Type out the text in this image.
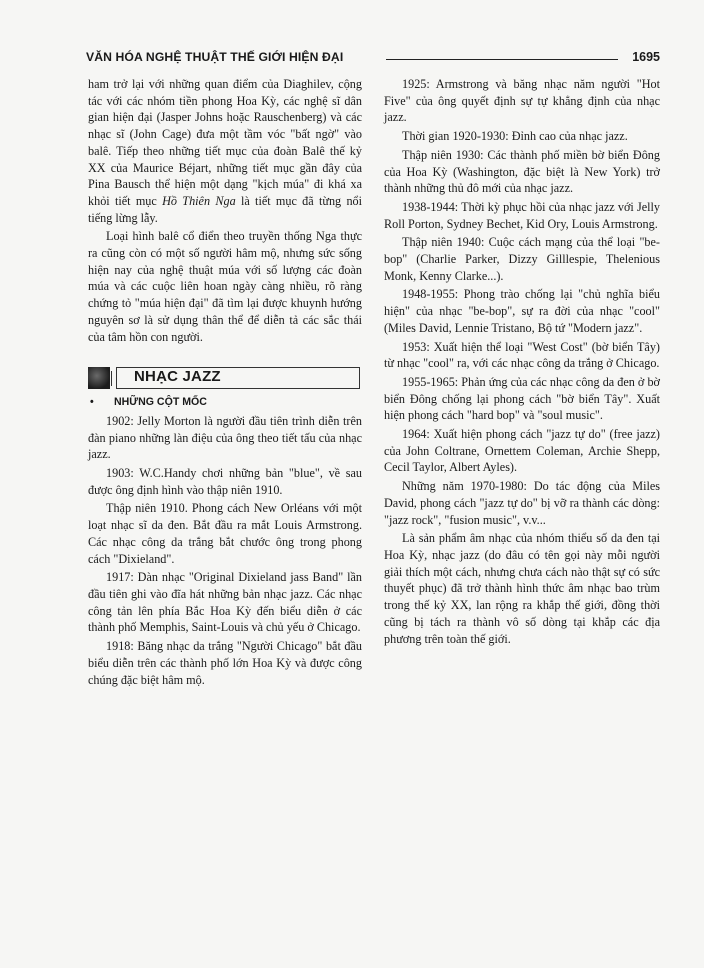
VĂN HÓA NGHỆ THUẬT THẾ GIỚI HIỆN ĐẠI	1695

ham trở lại với những quan điểm của Diaghilev, cộng tác với các nhóm tiền phong Hoa Kỳ, các nghệ sĩ dân gian hiện đại (Jasper Johns hoặc Rauschenberg) và các nhạc sĩ (John Cage) đưa một tầm vóc "bất ngờ" vào balê. Tiếp theo những tiết mục của đoàn Balê thế kỷ XX của Maurice Béjart, những tiết mục gần đây của Pina Bausch thể hiện một dạng "kịch múa" đi khá xa khỏi tiết mục Hồ Thiên Nga là tiết mục đã từng nổi tiếng lừng lẫy.

Loại hình balê cổ điển theo truyền thống Nga thực ra cũng còn có một số người hâm mộ, nhưng sức sống hiện nay của nghệ thuật múa với số lượng các đoàn múa và các cuộc liên hoan ngày càng nhiều, rõ ràng chứng tỏ "múa hiện đại" đã tìm lại được khuynh hướng nguyên sơ là sử dụng thân thể để diễn tả các sắc thái của tâm hồn con người.

NHẠC JAZZ
• NHỮNG CỘT MỐC

1902: Jelly Morton là người đầu tiên trình diễn trên đàn piano những làn điệu của ông theo tiết tấu của nhạc jazz.

1903: W.C.Handy chơi những bản "blue", về sau được ông định hình vào thập niên 1910.

Thập niên 1910. Phong cách New Orléans với một loạt nhạc sĩ da đen. Bắt đầu ra mắt Louis Armstrong. Các nhạc công da trắng bắt chước ông trong phong cách "Dixieland".

1917: Dàn nhạc "Original Dixieland jass Band" lần đầu tiên ghi vào đĩa hát những bản nhạc jazz. Các nhạc công tản lên phía Bắc Hoa Kỳ đến biểu diễn ở các thành phố Memphis, Saint-Louis và chủ yếu ở Chicago.

1918: Băng nhạc da trắng "Người Chicago" bắt đầu biểu diễn trên các thành phố lớn Hoa Kỳ và được công chúng đặc biệt hâm mộ.

1925: Armstrong và băng nhạc năm người "Hot Five" của ông quyết định sự tự khẳng định của nhạc jazz.

Thời gian 1920-1930: Đỉnh cao của nhạc jazz.

Thập niên 1930: Các thành phố miền bờ biển Đông của Hoa Kỳ (Washington, đặc biệt là New York) trở thành những thủ đô mới của nhạc jazz.

1938-1944: Thời kỳ phục hồi của nhạc jazz với Jelly Roll Porton, Sydney Bechet, Kid Ory, Louis Armstrong.

Thập niên 1940: Cuộc cách mạng của thể loại "be-bop" (Charlie Parker, Dizzy Gilllespie, Thelenious Monk, Kenny Clarke...).

1948-1955: Phong trào chống lại "chủ nghĩa biểu hiện" của nhạc "be-bop", sự ra đời của nhạc "cool" (Miles David, Lennie Tristano, Bộ tứ "Modern jazz".

1953: Xuất hiện thể loại "West Cost" (bờ biển Tây) từ nhạc "cool" ra, với các nhạc công da trắng ở Chicago.

1955-1965: Phản ứng của các nhạc công da đen ở bờ biển Đông chống lại phong cách "bờ biển Tây". Xuất hiện phong cách "hard bop" và "soul music".

1964: Xuất hiện phong cách "jazz tự do" (free jazz) của John Coltrane, Ornettem Coleman, Archie Shepp, Cecil Taylor, Albert Ayles).

Những năm 1970-1980: Do tác động của Miles David, phong cách "jazz tự do" bị vỡ ra thành các dòng: "jazz rock", "fusion music", v.v...

Là sản phẩm âm nhạc của nhóm thiểu số da đen tại Hoa Kỳ, nhạc jazz (do đâu có tên gọi này mỗi người giải thích một cách, nhưng chưa cách nào thật sự có sức thuyết phục) đã trở thành hình thức âm nhạc bao trùm trong thế kỷ XX, lan rộng ra khắp thế giới, đồng thời cũng bị tách ra thành vô số dòng tại khắp các địa phương trên toàn thế giới.
